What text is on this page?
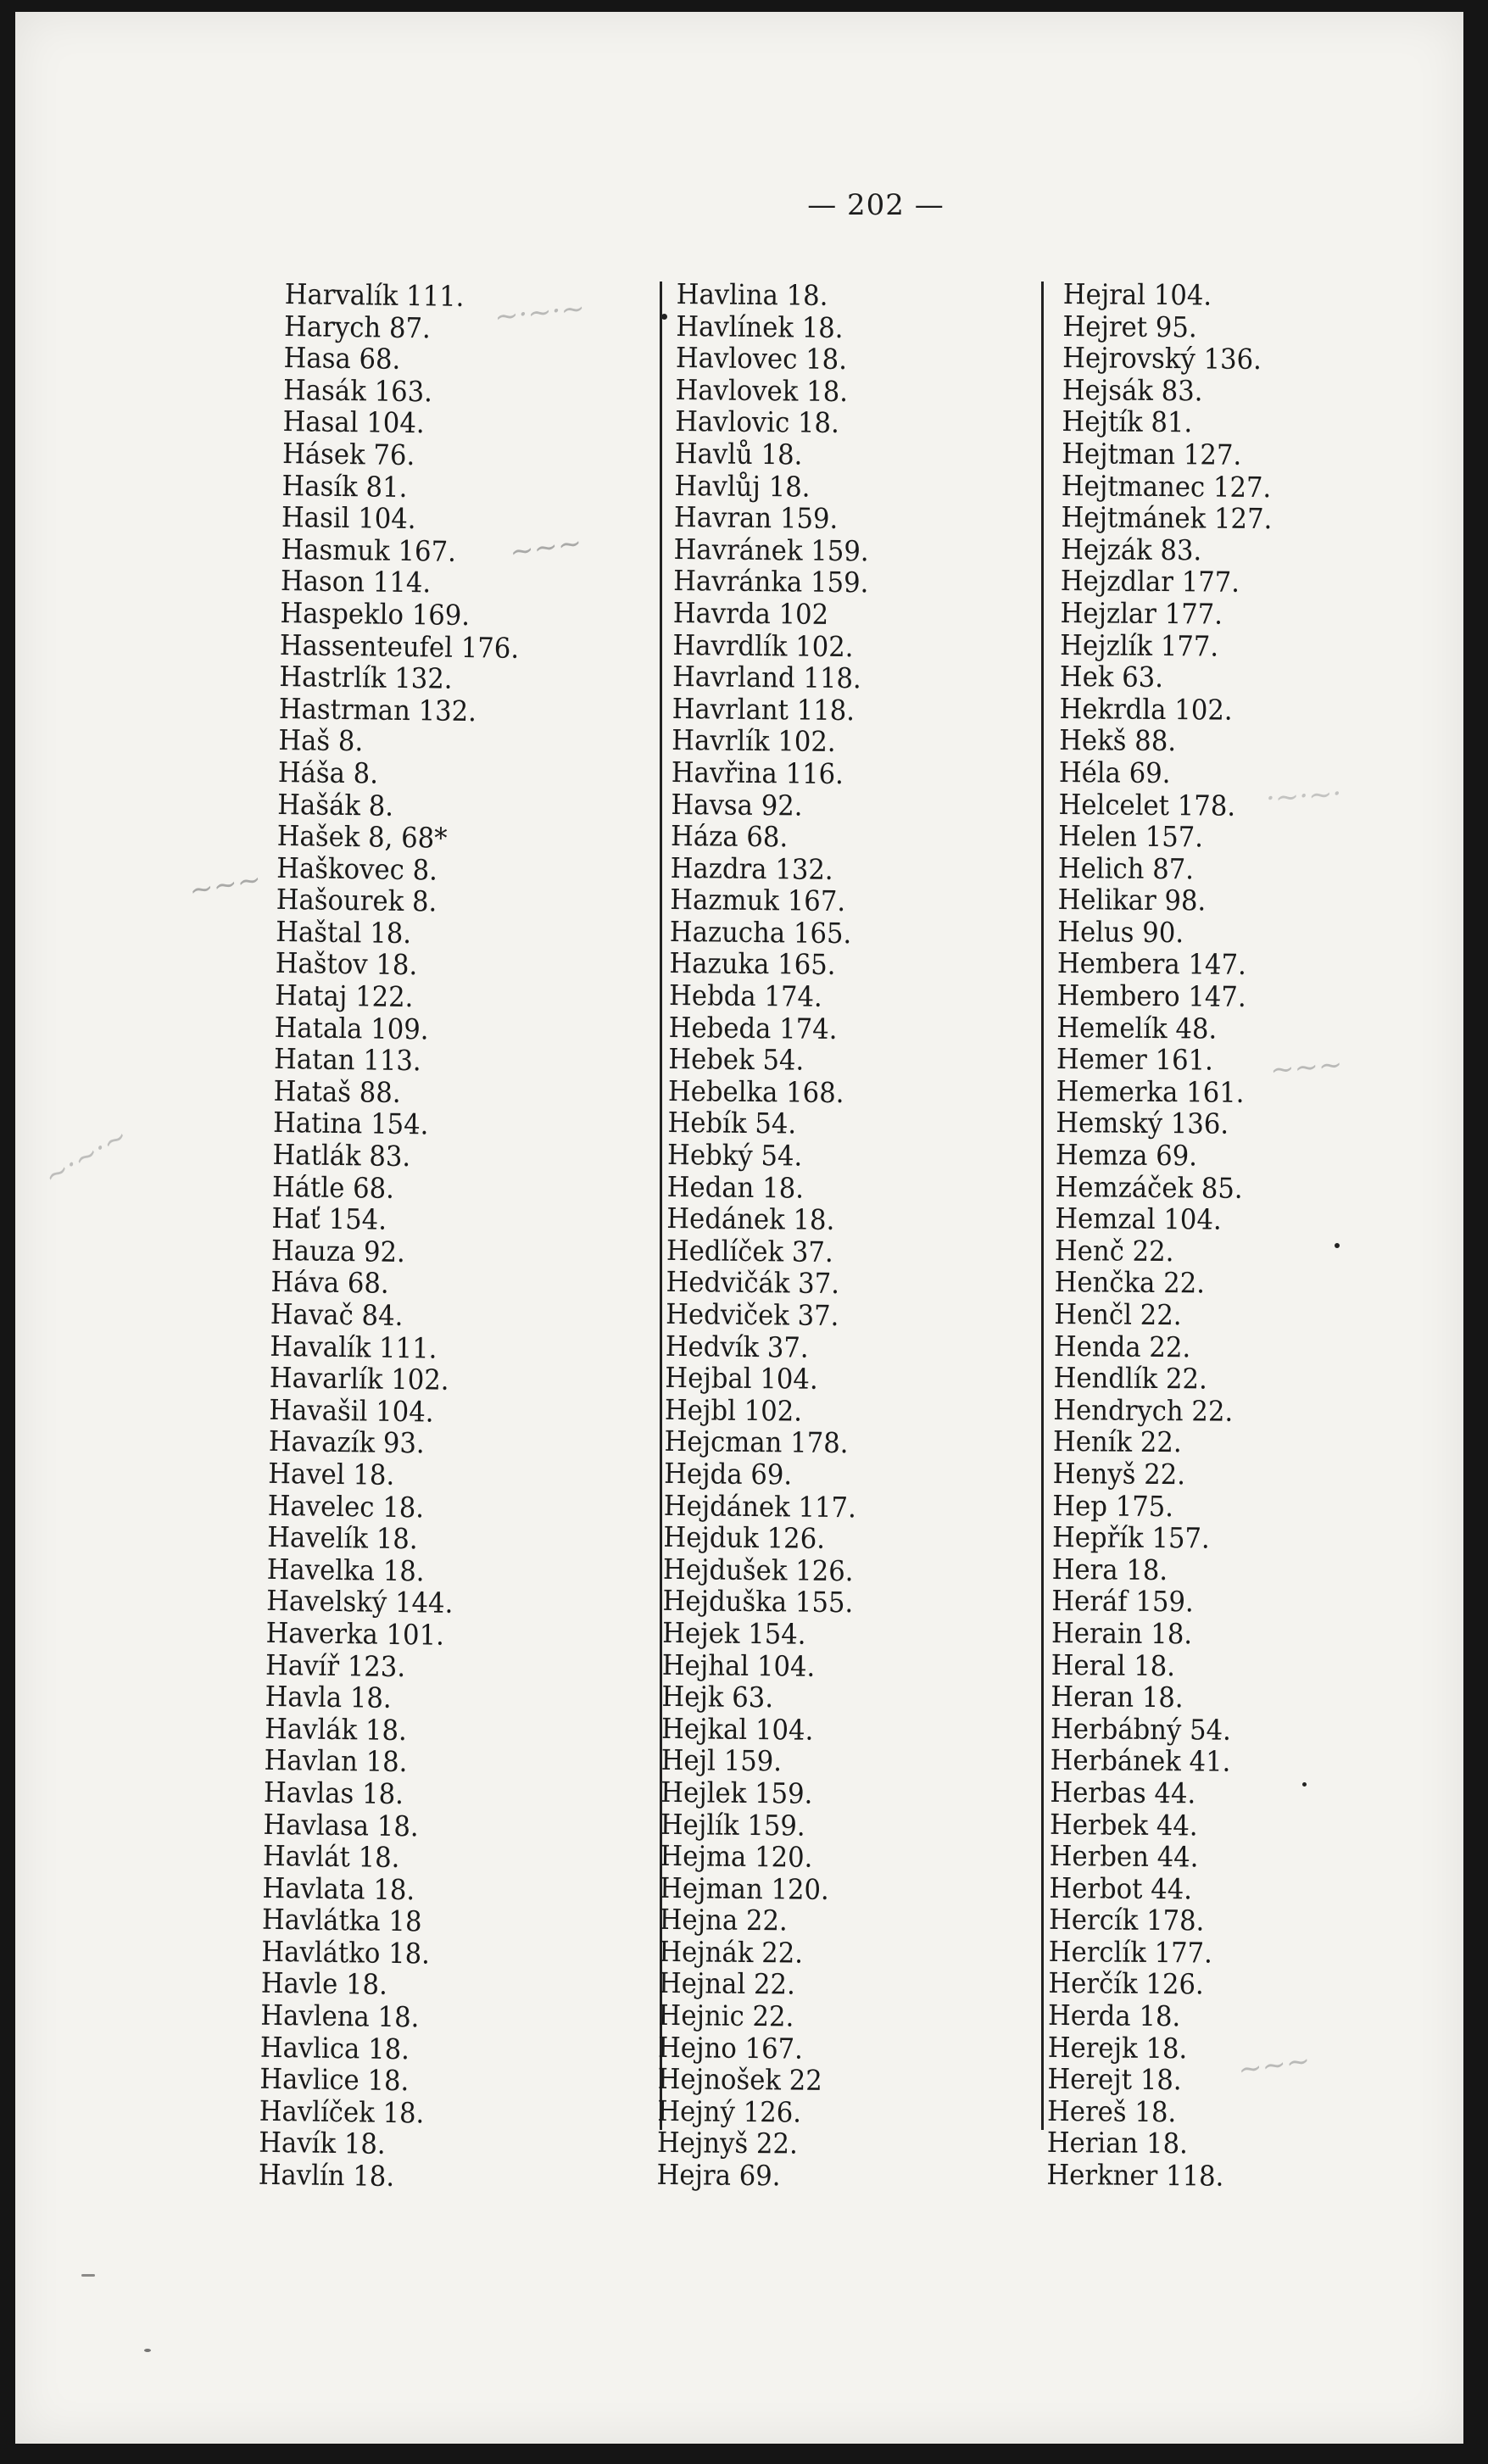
— 202 —
Harvalík 111.
Harych 87.
Hasa 68.
Hasák 163.
Hasal 104.
Hásek 76.
Hasík 81.
Hasil 104.
Hasmuk 167.
Hason 114.
Haspeklo 169.
Hassenteufel 176.
Hastrlík 132.
Hastrman 132.
Haš 8.
Háša 8.
Hašák 8.
Hašek 8, 68*
Haškovec 8.
Hašourek 8.
Haštal 18.
Haštov 18.
Hataj 122.
Hatala 109.
Hatan 113.
Hataš 88.
Hatina 154.
Hatlák 83.
Hátle 68.
Hať 154.
Hauza 92.
Háva 68.
Havač 84.
Havalík 111.
Havarlík 102.
Havašil 104.
Havazík 93.
Havel 18.
Havelec 18.
Havelík 18.
Havelka 18.
Havelský 144.
Haverka 101.
Havíř 123.
Havla 18.
Havlák 18.
Havlan 18.
Havlas 18.
Havlasa 18.
Havlát 18.
Havlata 18.
Havlátka 18
Havlátko 18.
Havle 18.
Havlena 18.
Havlica 18.
Havlice 18.
Havlíček 18.
Havík 18.
Havlín 18.
Havlina 18.
Havlínek 18.
Havlovec 18.
Havlovek 18.
Havlovic 18.
Havlů 18.
Havlůj 18.
Havran 159.
Havránek 159.
Havránka 159.
Havrda 102
Havrdlík 102.
Havrland 118.
Havrlant 118.
Havrlík 102.
Havřina 116.
Havsa 92.
Háza 68.
Hazdra 132.
Hazmuk 167.
Hazucha 165.
Hazuka 165.
Hebda 174.
Hebeda 174.
Hebek 54.
Hebelka 168.
Hebík 54.
Hebký 54.
Hedan 18.
Hedánek 18.
Hedlíček 37.
Hedvičák 37.
Hedviček 37.
Hedvík 37.
Hejbal 104.
Hejbl 102.
Hejcman 178.
Hejda 69.
Hejdánek 117.
Hejduk 126.
Hejdušek 126.
Hejduška 155.
Hejek 154.
Hejhal 104.
Hejk 63.
Hejkal 104.
Hejl 159.
Hejlek 159.
Hejlík 159.
Hejma 120.
Hejman 120.
Hejna 22.
Hejnák 22.
Hejnal 22.
Hejnic 22.
Hejno 167.
Hejnošek 22
Hejný 126.
Hejnyš 22.
Hejra 69.
Hejral 104.
Hejret 95.
Hejrovský 136.
Hejsák 83.
Hejtík 81.
Hejtman 127.
Hejtmanec 127.
Hejtmánek 127.
Hejzák 83.
Hejzdlar 177.
Hejzlar 177.
Hejzlík 177.
Hek 63.
Hekrdla 102.
Hekš 88.
Héla 69.
Helcelet 178.
Helen 157.
Helich 87.
Helikar 98.
Helus 90.
Hembera 147.
Hembero 147.
Hemelík 48.
Hemer 161.
Hemerka 161.
Hemský 136.
Hemza 69.
Hemzáček 85.
Hemzal 104.
Henč 22.
Henčka 22.
Henčl 22.
Henda 22.
Hendlík 22.
Hendrych 22.
Heník 22.
Henyš 22.
Hep 175.
Hepřík 157.
Hera 18.
Heráf 159.
Herain 18.
Heral 18.
Heran 18.
Herbábný 54.
Herbánek 41.
Herbas 44.
Herbek 44.
Herben 44.
Herbot 44.
Hercík 178.
Herclík 177.
Herčík 126.
Herda 18.
Herejk 18.
Herejt 18.
Hereš 18.
Herian 18.
Herkner 118.
~·~·~
~~~
~~~
~·~·~
·~·~·
~~~
~~~
